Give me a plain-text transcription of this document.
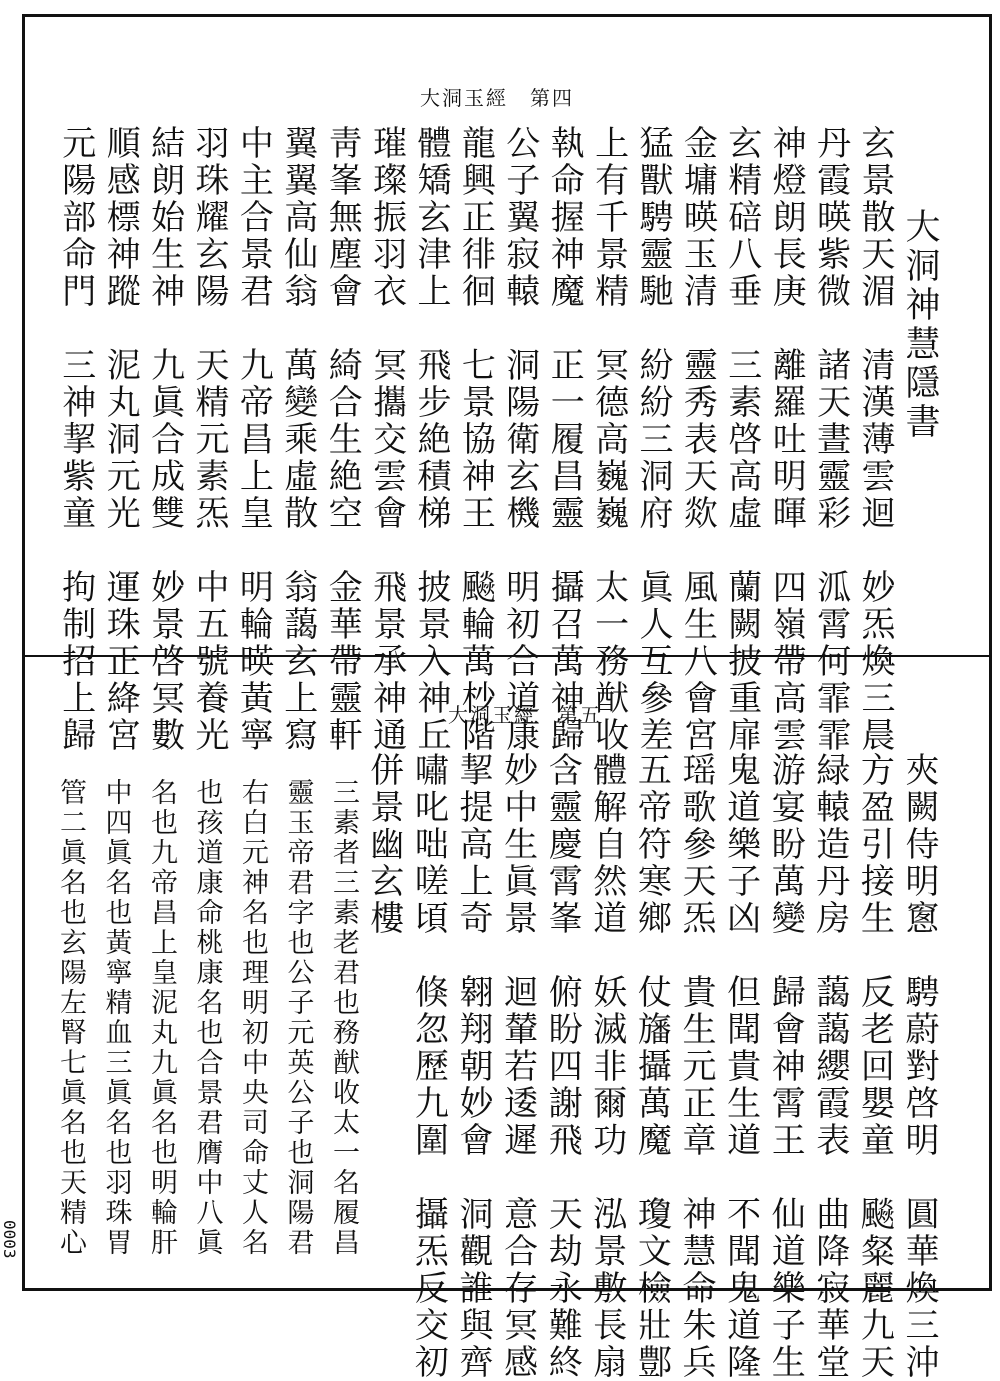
大洞玉經　第四
大洞神慧隱書
玄景散天湄　清漢薄雲迴　妙炁煥三晨
丹霞暎紫微　諸天晝靈彩　泒霄何霏霏
神燈朗長庚　離羅吐明暉　四嶺帶高雲
玄精碚八垂　三素啓高虛　蘭闕披重扉
金墉暎玉清　靈秀表天欻　風生八會宮
猛獸騁靈馳　紛紛三洞府　眞人互參差
上有千景精　冥德高巍巍　太一務猷收
執命握神魔　正一履昌靈　攝召萬神歸
公子翼寂轅　洞陽衛玄機　明初合道康
龍興正徘徊　七景協神王　飈輪萬杪階
體矯玄津上　飛步絶積梯　披景入神丘
璀璨振羽衣　冥攜交雲會　飛景承神通
靑峯無塵會　綺合生絶空　金華帶靈軒
翼翼高仙翁　萬變乘虛散　翁藹玄上寫
中主合景君　九帝昌上皇　明輪暎黃寧
羽珠耀玄陽　天精元素炁　中五號養光
結朗始生神　九眞合成雙　妙景啓冥數
順感標神蹤　泥丸洞元光　運珠正絳宮
元陽部命門　三神挈紫童　拘制招上歸	大洞玉經　第五
夾闕侍明窻　騁蔚對啓明　圓華煥三沖
方盈引接生　反老回嬰童　飈粲麗九天
緑轅造丹房　藹藹纓霞表　曲降寂華堂
游宴盼萬變　歸會神霄王　仙道樂子生
鬼道樂子凶　但聞貴生道　不聞鬼道隆
瑶歌參天炁　貴生元正章　神慧命朱兵
五帝符寒鄉　仗旛攝萬魔　瓊文檢壯鄷
體解自然道　妖滅非爾功　泓景敷長扇
含靈慶霄峯　俯盼四謝飛　天劫永難終
妙中生眞景　迴輦若逶遲　意合存冥感
挈提高上奇　翱翔朝妙會　洞觀誰與齊
嘯叱咄嗟頃　倏忽歷九圍　攝炁反交初
併景幽玄樓
三素者三素老君也務猷收太一名履昌
靈玉帝君字也公子元英公子也洞陽君
右白元神名也理明初中央司命丈人名
也孩道康命桃康名也合景君膺中八眞
名也九帝昌上皇泥丸九眞名也明輪肝
中四眞名也黃寧精血三眞名也羽珠胃
管二眞名也玄陽左腎七眞名也天精心
0003
